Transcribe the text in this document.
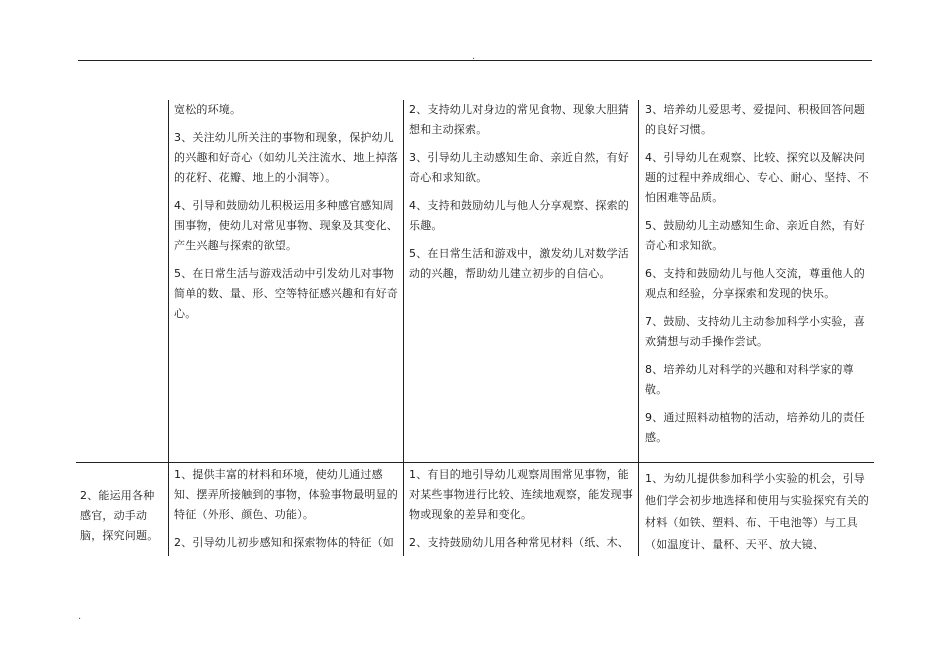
.
.

宽松的环境。

3、关注幼儿所关注的事物和现象，保护幼儿的兴趣和好奇心（如幼儿关注流水、地上掉落的花籽、花瓣、地上的小洞等）。

4、引导和鼓励幼儿积极运用多种感官感知周围事物，使幼儿对常见事物、现象及其变化、产生兴趣与探索的欲望。

5、在日常生活与游戏活动中引发幼儿对事物简单的数、量、形、空等特征感兴趣和有好奇心。

2、支持幼儿对身边的常见食物、现象大胆猜想和主动探索。

3、引导幼儿主动感知生命、亲近自然，有好奇心和求知欲。

4、支持和鼓励幼儿与他人分享观察、探索的乐趣。

5、在日常生活和游戏中，激发幼儿对数学活动的兴趣，帮助幼儿建立初步的自信心。

3、培养幼儿爱思考、爱提问、积极回答问题的良好习惯。

4、引导幼儿在观察、比较、探究以及解决问题的过程中养成细心、专心、耐心、坚持、不怕困难等品质。

5、鼓励幼儿主动感知生命、亲近自然，有好奇心和求知欲。

6、支持和鼓励幼儿与他人交流，尊重他人的观点和经验，分享探索和发现的快乐。

7、鼓励、支持幼儿主动参加科学小实验，喜欢猜想与动手操作尝试。

8、培养幼儿对科学的兴趣和对科学家的尊敬。

9、通过照料动植物的活动，培养幼儿的责任感。

2、能运用各种感官，动手动脑，探究问题。

1、提供丰富的材料和环境，使幼儿通过感知、摆弄所接触到的事物，体验事物最明显的特征（外形、颜色、功能）。

2、引导幼儿初步感知和探索物体的特征（如

1、有目的地引导幼儿观察周围常见事物，能对某些事物进行比较、连续地观察，能发现事物或现象的差异和变化。

2、支持鼓励幼儿用各种常见材料（纸、木、

1、为幼儿提供参加科学小实验的机会，引导他们学会初步地选择和使用与实验探究有关的材料（如铁、塑料、布、干电池等）与工具（如温度计、量杯、天平、放大镜、
